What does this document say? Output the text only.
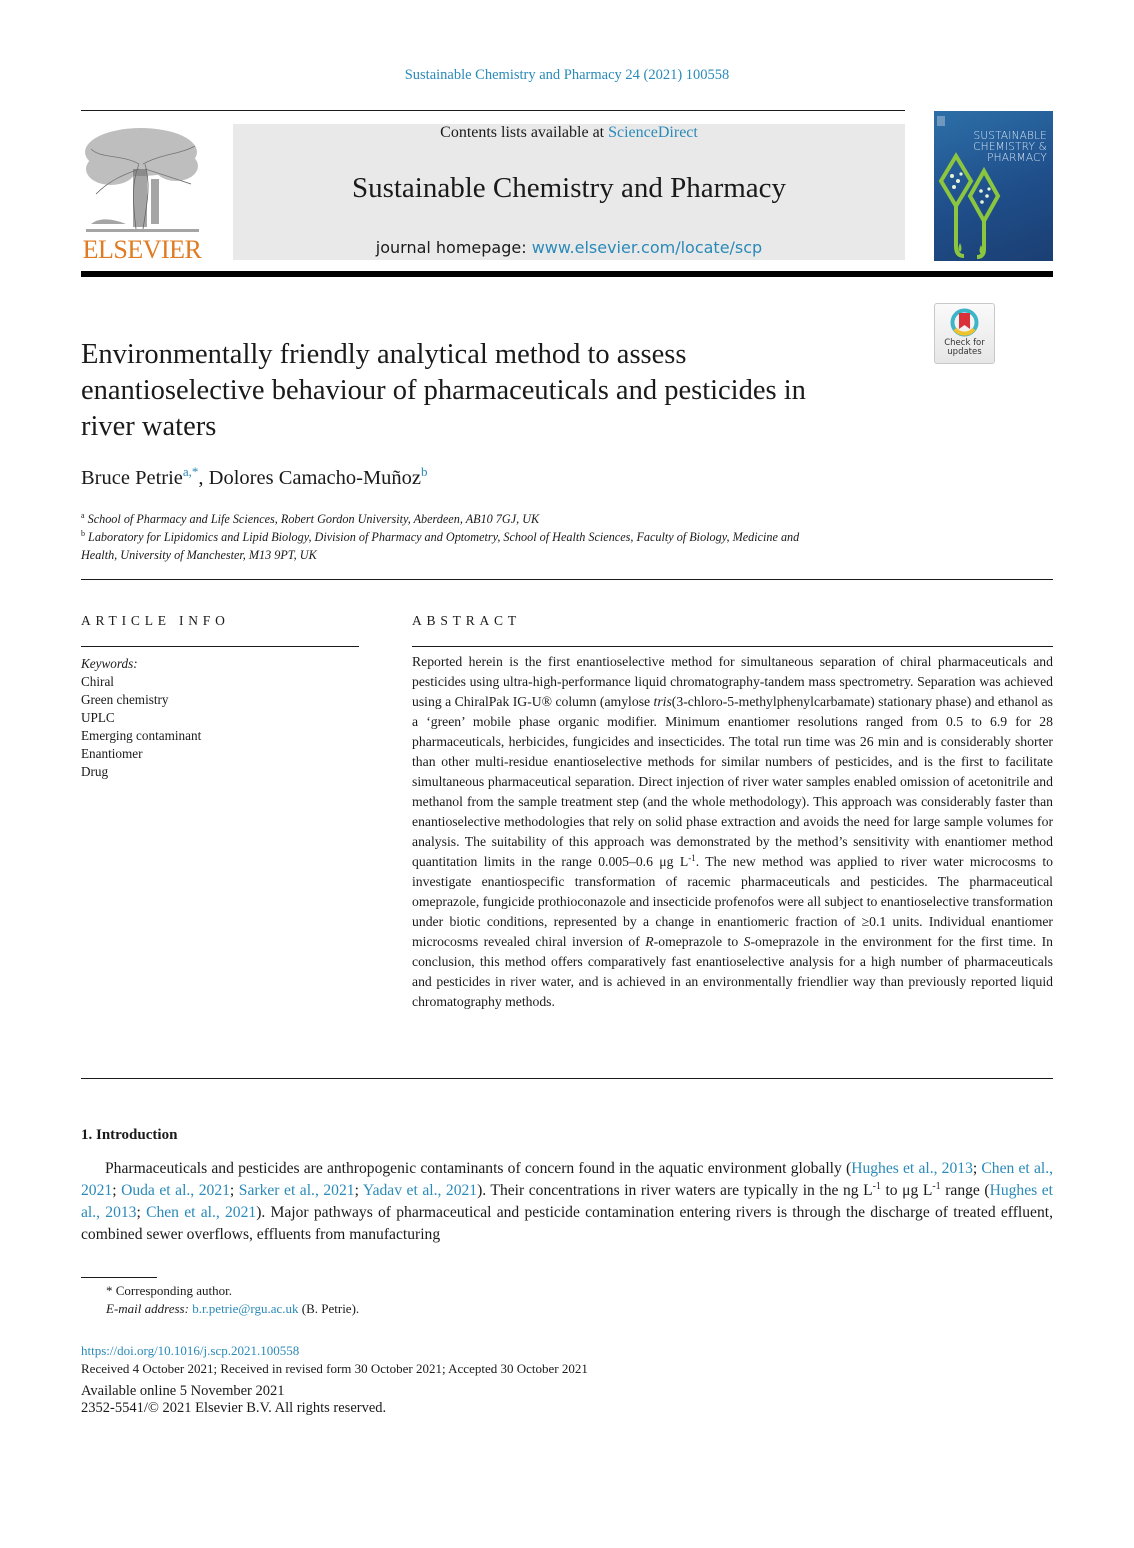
Sustainable Chemistry and Pharmacy 24 (2021) 100558
ELSEVIER
Contents lists available at ScienceDirect
Sustainable Chemistry and Pharmacy
journal homepage: www.elsevier.com/locate/scp
SUSTAINABLE
CHEMISTRY &
PHARMACY
Check for
updates
Environmentally friendly analytical method to assess
enantioselective behaviour of pharmaceuticals and pesticides in
river waters
Bruce Petrie$^{a,*}$, Dolores Camacho-Muñoz$^b$
$^a$ School of Pharmacy and Life Sciences, Robert Gordon University, Aberdeen, AB10 7GJ, UK
$^b$ Laboratory for Lipidomics and Lipid Biology, Division of Pharmacy and Optometry, School of Health Sciences, Faculty of Biology, Medicine and
Health, University of Manchester, M13 9PT, UK
ARTICLE INFO	ABSTRACT
Keywords:
Chiral
Green chemistry
UPLC
Emerging contaminant
Enantiomer
Drug
Reported herein is the first enantioselective method for simultaneous separation of chiral pharmaceuticals and pesticides using ultra-high-performance liquid chromatography-tandem mass spectrometry. Separation was achieved using a ChiralPak IG-U® column (amylose tris(3-chloro-5-methylphenylcarbamate) stationary phase) and ethanol as a ‘green’ mobile phase organic modifier. Minimum enantiomer resolutions ranged from 0.5 to 6.9 for 28 pharmaceuticals, herbicides, fungicides and insecticides. The total run time was 26 min and is considerably shorter than other multi-residue enantioselective methods for similar numbers of pesticides, and is the first to facilitate simultaneous pharmaceutical separation. Direct injection of river water samples enabled omission of acetonitrile and methanol from the sample treatment step (and the whole methodology). This approach was considerably faster than enantioselective methodologies that rely on solid phase extraction and avoids the need for large sample volumes for analysis. The suitability of this approach was demonstrated by the method’s sensitivity with enantiomer method quantitation limits in the range 0.005–0.6 μg $L^{-1}$. The new method was applied to river water microcosms to investigate enantiospecific transformation of racemic pharmaceuticals and pesticides. The pharmaceutical omeprazole, fungicide prothioconazole and insecticide profenofos were all subject to enantioselective transformation under biotic conditions, represented by a change in enantiomeric fraction of ≥0.1 units. Individual enantiomer microcosms revealed chiral inversion of R-omeprazole to S-omeprazole in the environment for the first time. In conclusion, this method offers comparatively fast enantioselective analysis for a high number of pharmaceuticals and pesticides in river water, and is achieved in an environmentally friendlier way than previously reported liquid chromatography methods.
1. Introduction
Pharmaceuticals and pesticides are anthropogenic contaminants of concern found in the aquatic environment globally (Hughes et al., 2013; Chen et al., 2021; Ouda et al., 2021; Sarker et al., 2021; Yadav et al., 2021). Their concentrations in river waters are typically in the ng $L^{-1}$ to μg $L^{-1}$ range (Hughes et al., 2013; Chen et al., 2021). Major pathways of pharmaceutical and pesticide contamination entering rivers is through the discharge of treated effluent, combined sewer overflows, effluents from manufacturing
* Corresponding author.
E-mail address: b.r.petrie@rgu.ac.uk (B. Petrie).
https://doi.org/10.1016/j.scp.2021.100558
Received 4 October 2021; Received in revised form 30 October 2021; Accepted 30 October 2021
Available online 5 November 2021
2352-5541/© 2021 Elsevier B.V. All rights reserved.
